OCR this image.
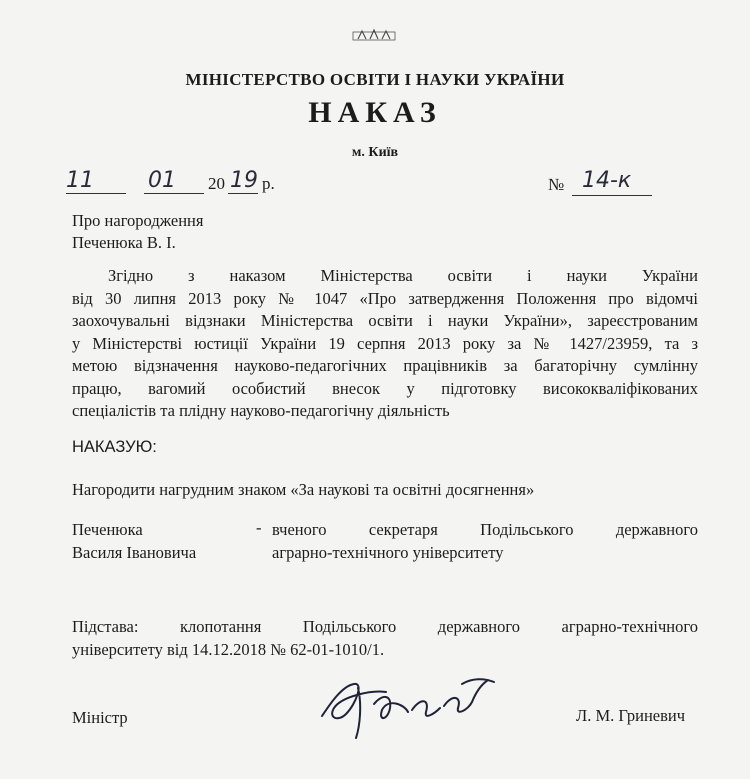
МІНІСТЕРСТВО ОСВІТИ І НАУКИ УКРАЇНИ
НАКАЗ
м. Київ
11 01 20 19 р.	№ 14-к
Про нагородження
Печенюка В. І.
Згідно з наказом Міністерства освіти і науки України
від 30 липня 2013 року № 1047 «Про затвердження Положення про відомчі
заохочувальні відзнаки Міністерства освіти і науки України», зареєстрованим
у Міністерстві юстиції України 19 серпня 2013 року за № 1427/23959, та з
метою відзначення науково-педагогічних працівників за багаторічну сумлінну
працю, вагомий особистий внесок у підготовку висококваліфікованих
спеціалістів та плідну науково-педагогічну діяльність
НАКАЗУЮ:
Нагородити нагрудним знаком «За наукові та освітні досягнення»
Печенюка
Василя Івановича
- вченого секретаря Подільського державного
аграрно-технічного університету
Підстава: клопотання Подільського державного аграрно-технічного
університету від 14.12.2018 № 62-01-1010/1.
Міністр	Л. М. Гриневич
